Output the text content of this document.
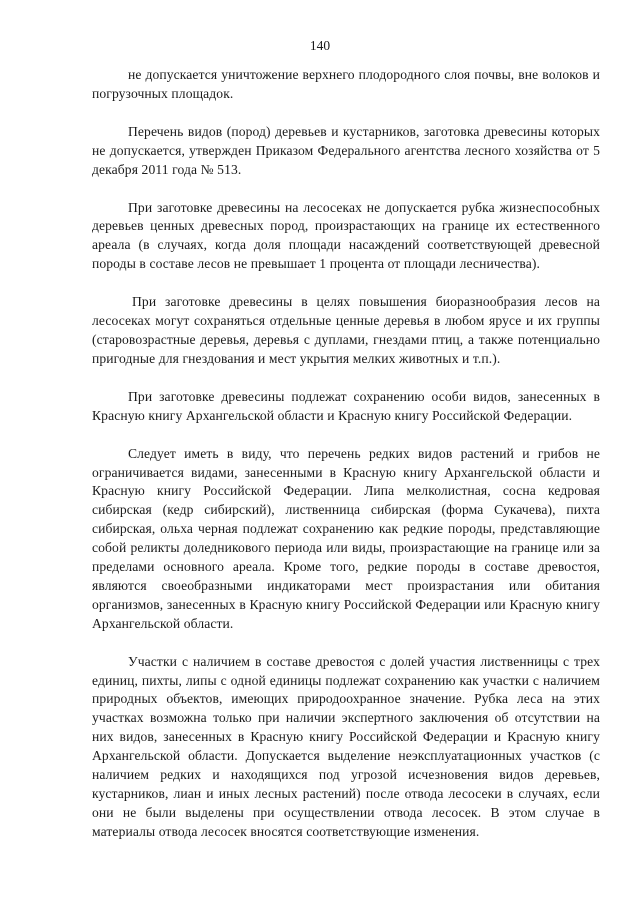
140

не допускается уничтожение верхнего плодородного слоя почвы, вне волоков и погрузочных площадок.

Перечень видов (пород) деревьев и кустарников, заготовка древесины которых не допускается, утвержден Приказом Федерального агентства лесного хозяйства от 5 декабря 2011 года № 513.

При заготовке древесины на лесосеках не допускается рубка жизнеспособных деревьев ценных древесных пород, произрастающих на границе их естественного ареала (в случаях, когда доля площади насаждений соответствующей древесной породы в составе лесов не превышает 1 процента от площади лесничества).

При заготовке древесины в целях повышения биоразнообразия лесов на лесосеках могут сохраняться отдельные ценные деревья в любом ярусе и их группы (старовозрастные деревья, деревья с дуплами, гнездами птиц, а также потенциально пригодные для гнездования и мест укрытия мелких животных и т.п.).

При заготовке древесины подлежат сохранению особи видов, занесенных в Красную книгу Архангельской области и Красную книгу Российской Федерации.

Следует иметь в виду, что перечень редких видов растений и грибов не ограничивается видами, занесенными в Красную книгу Архангельской области и Красную книгу Российской Федерации. Липа мелколистная, сосна кедровая сибирская (кедр сибирский), лиственница сибирская (форма Сукачева), пихта сибирская, ольха черная подлежат сохранению как редкие породы, представляющие собой реликты доледникового периода или виды, произрастающие на границе или за пределами основного ареала. Кроме того, редкие породы в составе древостоя, являются своеобразными индикаторами мест произрастания или обитания организмов, занесенных в Красную книгу Российской Федерации или Красную книгу Архангельской области.

Участки с наличием в составе древостоя с долей участия лиственницы с трех единиц, пихты, липы с одной единицы подлежат сохранению как участки с наличием природных объектов, имеющих природоохранное значение. Рубка леса на этих участках возможна только при наличии экспертного заключения об отсутствии на них видов, занесенных в Красную книгу Российской Федерации и Красную книгу Архангельской области. Допускается выделение неэксплуатационных участков (с наличием редких и находящихся под угрозой исчезновения видов деревьев, кустарников, лиан и иных лесных растений) после отвода лесосеки в случаях, если они не были выделены при осуществлении отвода лесосек. В этом случае в материалы отвода лесосек вносятся соответствующие изменения.
